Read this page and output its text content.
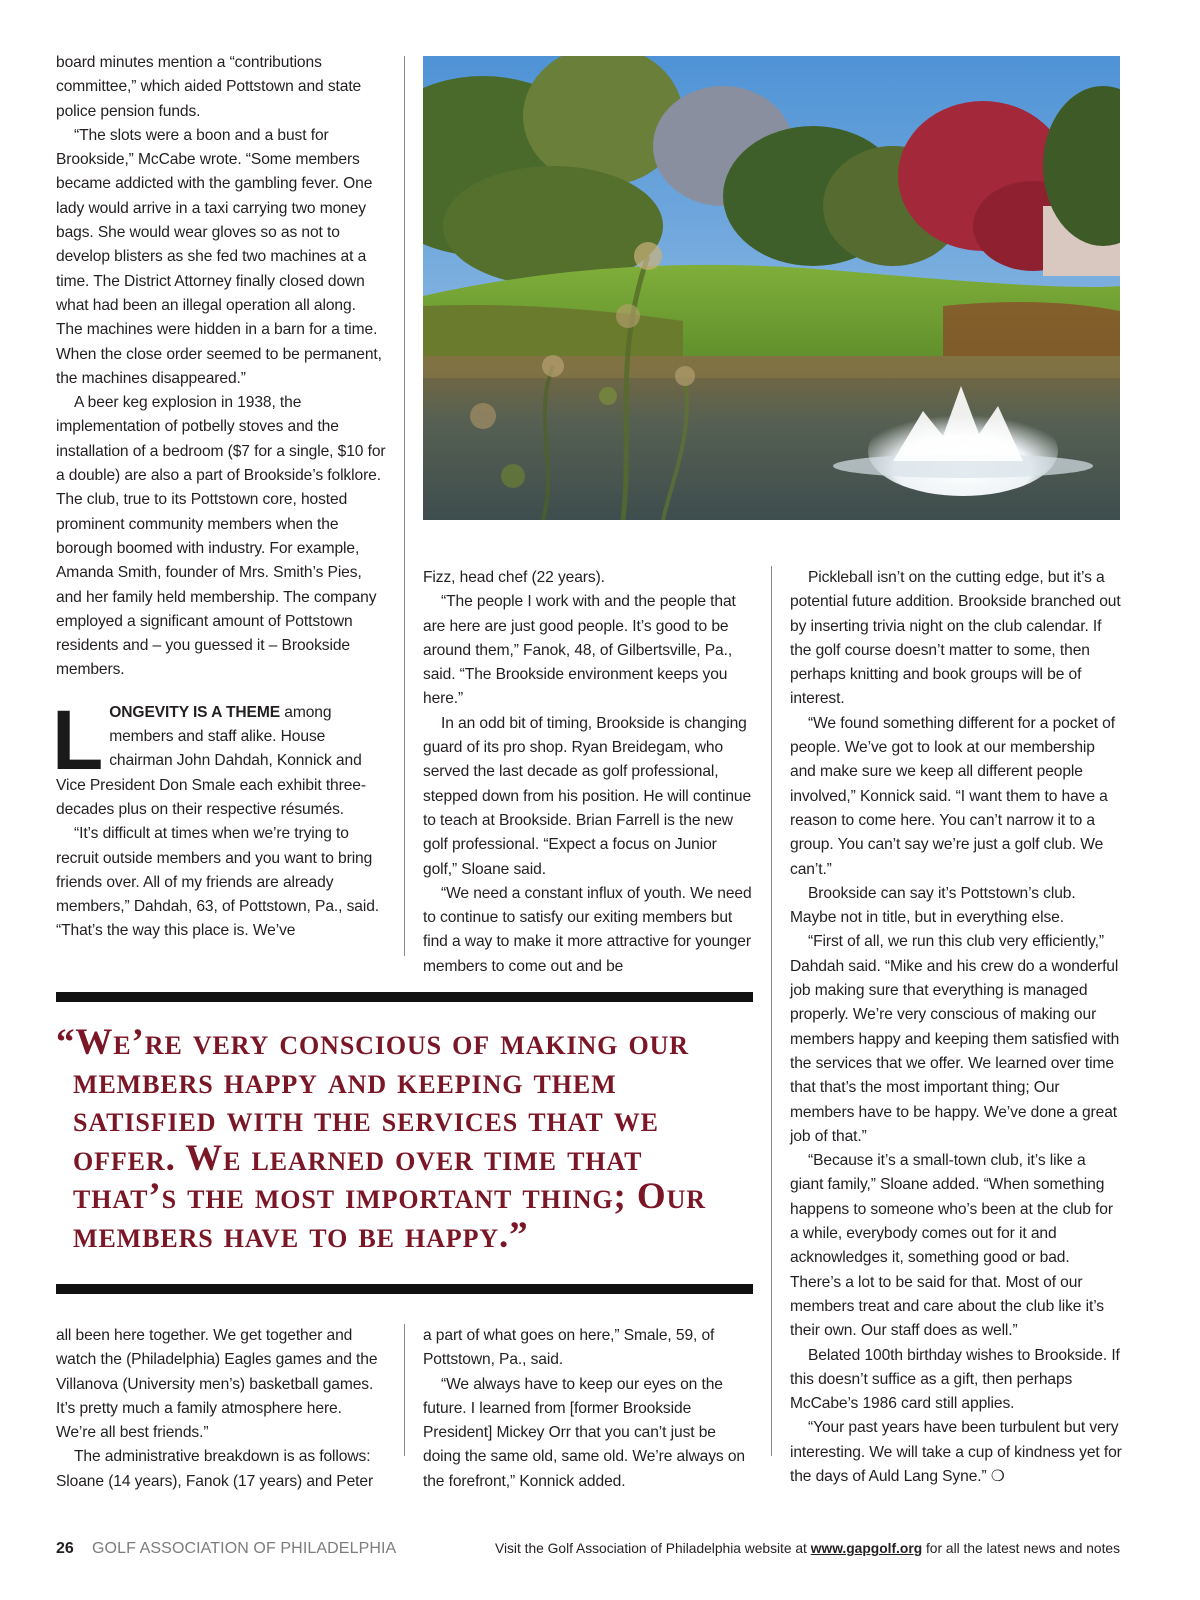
board minutes mention a “contributions committee,” which aided Pottstown and state police pension funds.

“The slots were a boon and a bust for Brookside,” McCabe wrote. “Some members became addicted with the gambling fever. One lady would arrive in a taxi carrying two money bags. She would wear gloves so as not to develop blisters as she fed two machines at a time. The District Attorney finally closed down what had been an illegal operation all along. The machines were hidden in a barn for a time. When the close order seemed to be permanent, the machines disappeared.”

A beer keg explosion in 1938, the implementation of potbelly stoves and the installation of a bedroom ($7 for a single, $10 for a double) are also a part of Brookside’s folklore. The club, true to its Pottstown core, hosted prominent community members when the borough boomed with industry. For example, Amanda Smith, founder of Mrs. Smith’s Pies, and her family held membership. The company employed a significant amount of Pottstown residents and – you guessed it – Brookside members.

LONGEVITY IS A THEME among members and staff alike. House chairman John Dahdah, Konnick and Vice President Don Smale each exhibit three-decades plus on their respective résumés.

“It’s difficult at times when we’re trying to recruit outside members and you want to bring friends over. All of my friends are already members,” Dahdah, 63, of Pottstown, Pa., said. “That’s the way this place is. We’ve

Fizz, head chef (22 years).

“The people I work with and the people that are here are just good people. It’s good to be around them,” Fanok, 48, of Gilbertsville, Pa., said. “The Brookside environment keeps you here.”

In an odd bit of timing, Brookside is changing guard of its pro shop. Ryan Breidegam, who served the last decade as golf professional, stepped down from his position. He will continue to teach at Brookside. Brian Farrell is the new golf professional. “Expect a focus on Junior golf,” Sloane said.

“We need a constant influx of youth. We need to continue to satisfy our exiting members but find a way to make it more attractive for younger members to come out and be

Pickleball isn’t on the cutting edge, but it’s a potential future addition. Brookside branched out by inserting trivia night on the club calendar. If the golf course doesn’t matter to some, then perhaps knitting and book groups will be of interest.

“We found something different for a pocket of people. We’ve got to look at our membership and make sure we keep all different people involved,” Konnick said. “I want them to have a reason to come here. You can’t narrow it to a group. You can’t say we’re just a golf club. We can’t.”

Brookside can say it’s Pottstown’s club. Maybe not in title, but in everything else.

“First of all, we run this club very efficiently,” Dahdah said. “Mike and his crew do a wonderful job making sure that everything is managed properly. We’re very conscious of making our members happy and keeping them satisfied with the services that we offer. We learned over time that that’s the most important thing; Our members have to be happy. We’ve done a great job of that.”

“Because it’s a small-town club, it’s like a giant family,” Sloane added. “When something happens to someone who’s been at the club for a while, everybody comes out for it and acknowledges it, something good or bad. There’s a lot to be said for that. Most of our members treat and care about the club like it’s their own. Our staff does as well.”

Belated 100th birthday wishes to Brookside. If this doesn’t suffice as a gift, then perhaps McCabe’s 1986 card still applies.

“Your past years have been turbulent but very interesting. We will take a cup of kindness yet for the days of Auld Lang Syne.” ❍

“We’re very conscious of making our members happy and keeping them satisfied with the services that we offer. We learned over time that that’s the most important thing; Our members have to be happy.”

all been here together. We get together and watch the (Philadelphia) Eagles games and the Villanova (University men’s) basketball games. It’s pretty much a family atmosphere here. We’re all best friends.”

The administrative breakdown is as follows: Sloane (14 years), Fanok (17 years) and Peter

a part of what goes on here,” Smale, 59, of Pottstown, Pa., said.

“We always have to keep our eyes on the future. I learned from [former Brookside President] Mickey Orr that you can’t just be doing the same old, same old. We’re always on the forefront,” Konnick added.

26 GOLF ASSOCIATION OF PHILADELPHIA	Visit the Golf Association of Philadelphia website at www.gapgolf.org for all the latest news and notes
